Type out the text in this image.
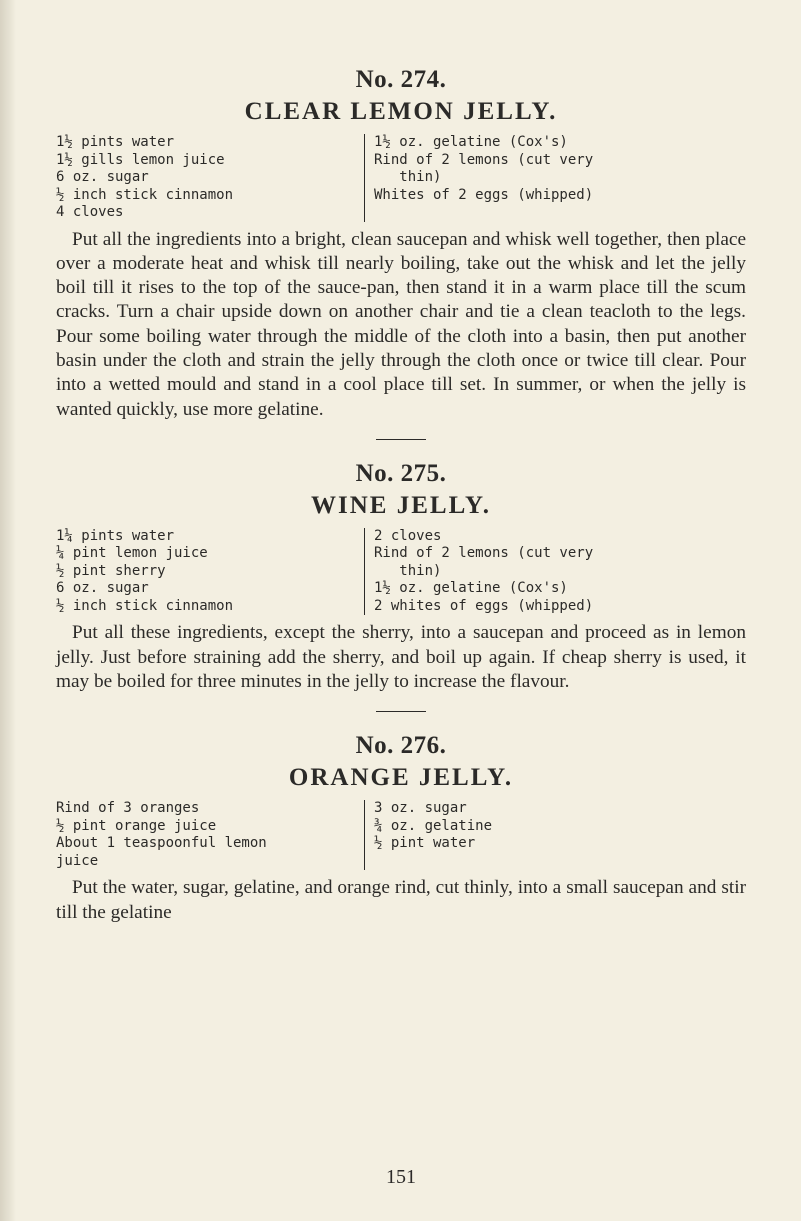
No. 274.
CLEAR LEMON JELLY.
1½ pints water
1½ gills lemon juice
6 oz. sugar
½ inch stick cinnamon
4 cloves
1½ oz. gelatine (Cox's)
Rind of 2 lemons (cut very
thin)
Whites of 2 eggs (whipped)

Put all the ingredients into a bright, clean saucepan and whisk well together, then place over a moderate heat and whisk till nearly boiling, take out the whisk and let the jelly boil till it rises to the top of the sauce-pan, then stand it in a warm place till the scum cracks. Turn a chair upside down on another chair and tie a clean teacloth to the legs. Pour some boiling water through the middle of the cloth into a basin, then put another basin under the cloth and strain the jelly through the cloth once or twice till clear. Pour into a wetted mould and stand in a cool place till set. In summer, or when the jelly is wanted quickly, use more gelatine.

No. 275.
WINE JELLY.
1¼ pints water
¼ pint lemon juice
½ pint sherry
6 oz. sugar
½ inch stick cinnamon
2 cloves
Rind of 2 lemons (cut very
thin)
1½ oz. gelatine (Cox's)
2 whites of eggs (whipped)

Put all these ingredients, except the sherry, into a saucepan and proceed as in lemon jelly. Just before straining add the sherry, and boil up again. If cheap sherry is used, it may be boiled for three minutes in the jelly to increase the flavour.

No. 276.
ORANGE JELLY.
Rind of 3 oranges
½ pint orange juice
About 1 teaspoonful lemon
juice
3 oz. sugar
¾ oz. gelatine
½ pint water

Put the water, sugar, gelatine, and orange rind, cut thinly, into a small saucepan and stir till the gelatine

151
